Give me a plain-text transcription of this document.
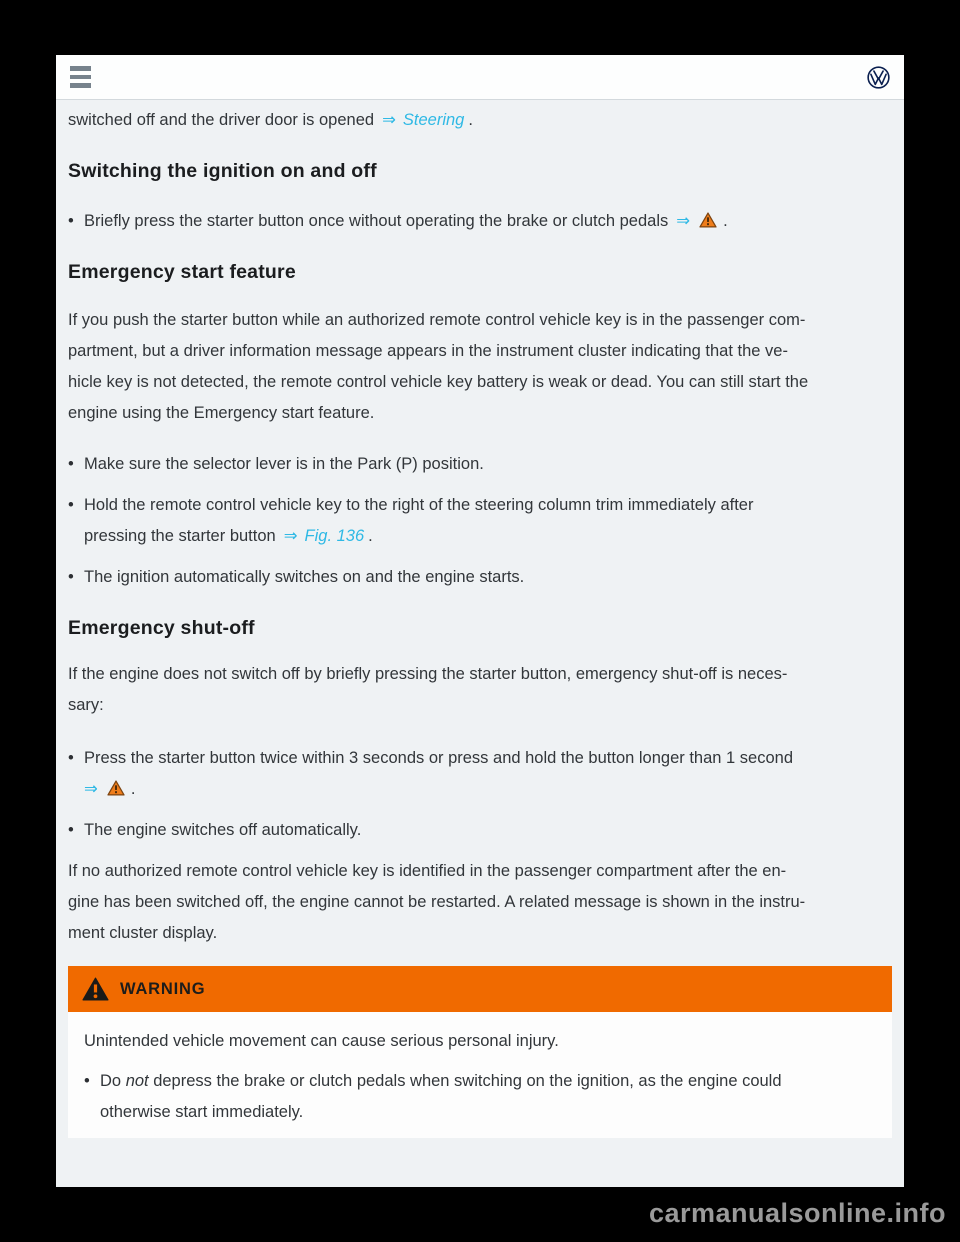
switched off and the driver door is opened ⇒ Steering .
Switching the ignition on and off
• Briefly press the starter button once without operating the brake or clutch pedals ⇒ .
Emergency start feature
If you push the starter button while an authorized remote control vehicle key is in the passenger com-
partment, but a driver information message appears in the instrument cluster indicating that the ve-
hicle key is not detected, the remote control vehicle key battery is weak or dead. You can still start the
engine using the Emergency start feature.
• Make sure the selector lever is in the Park (P) position.
• Hold the remote control vehicle key to the right of the steering column trim immediately after
pressing the starter button ⇒ Fig. 136 .
• The ignition automatically switches on and the engine starts.
Emergency shut-off
If the engine does not switch off by briefly pressing the starter button, emergency shut-off is neces-
sary:
• Press the starter button twice within 3 seconds or press and hold the button longer than 1 second
⇒ .
• The engine switches off automatically.
If no authorized remote control vehicle key is identified in the passenger compartment after the en-
gine has been switched off, the engine cannot be restarted. A related message is shown in the instru-
ment cluster display.
WARNING
Unintended vehicle movement can cause serious personal injury.
• Do not depress the brake or clutch pedals when switching on the ignition, as the engine could
otherwise start immediately.
carmanualsonline.info
